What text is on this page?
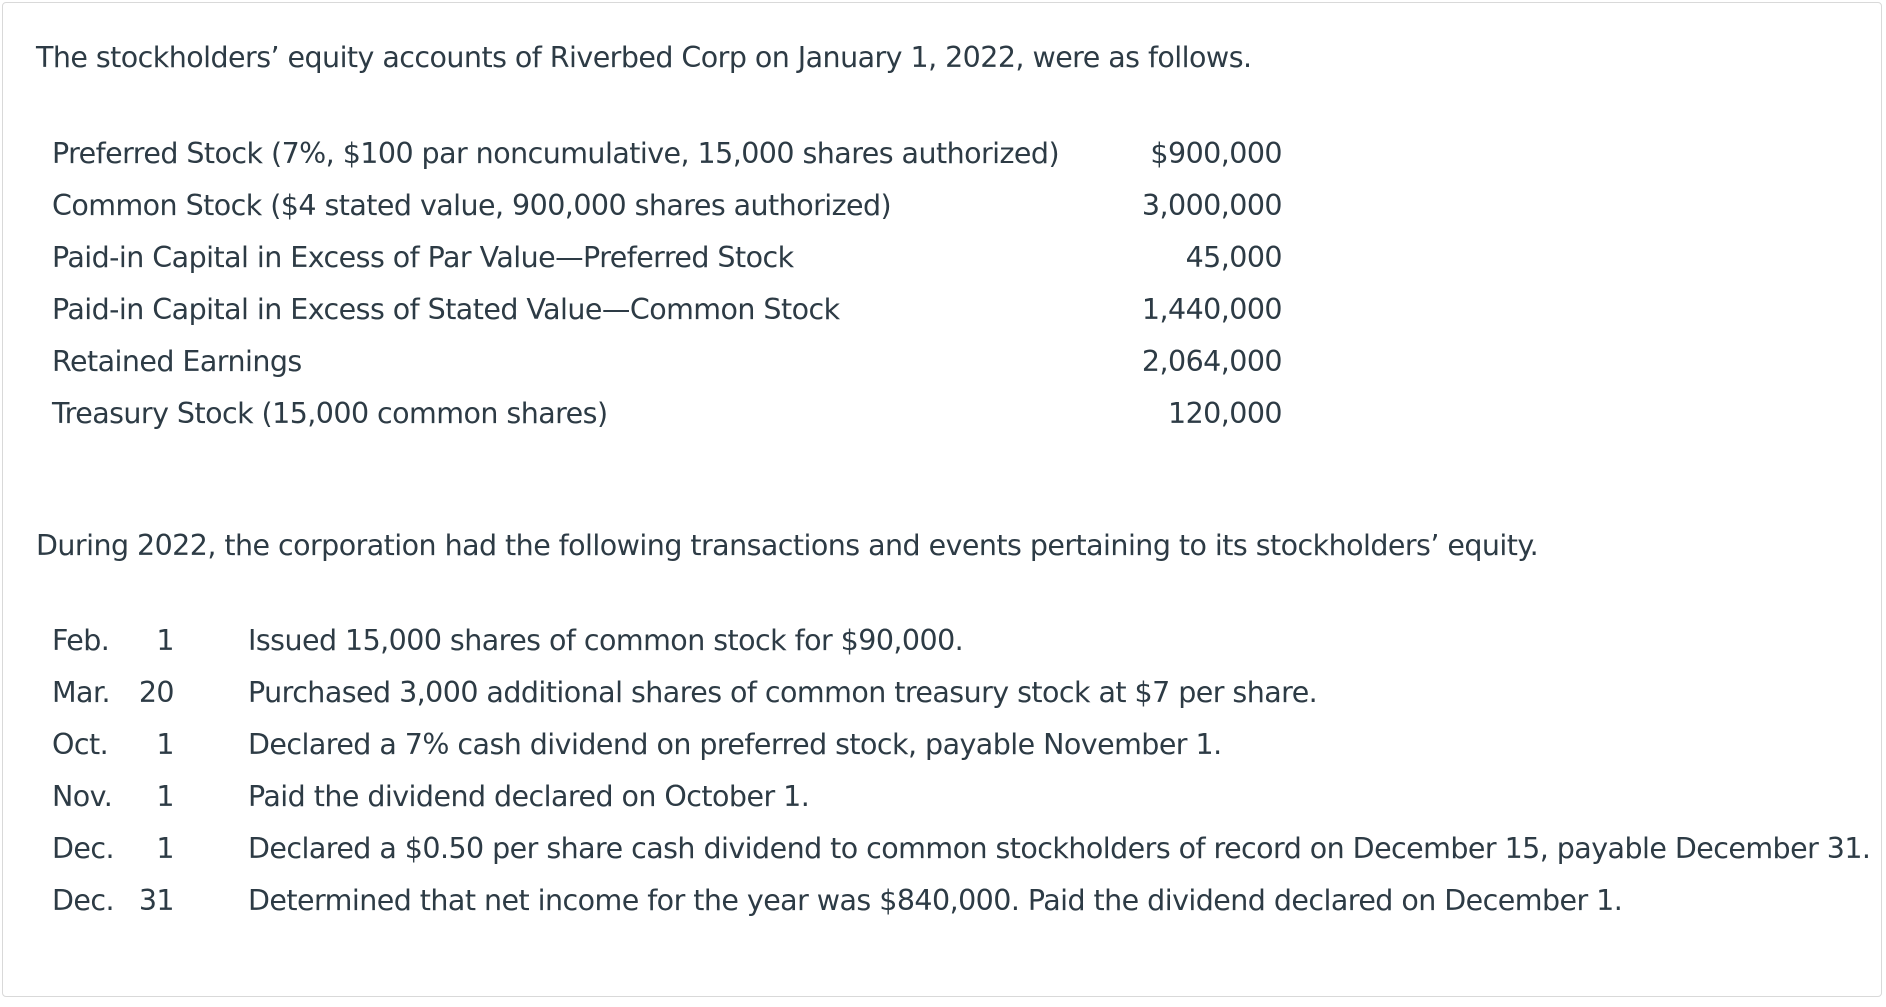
The stockholders’ equity accounts of Riverbed Corp on January 1, 2022, were as follows.

Preferred Stock (7%, $100 par noncumulative, 15,000 shares authorized)	$900,000
Common Stock ($4 stated value, 900,000 shares authorized)	3,000,000
Paid-in Capital in Excess of Par Value—Preferred Stock	45,000
Paid-in Capital in Excess of Stated Value—Common Stock	1,440,000
Retained Earnings	2,064,000
Treasury Stock (15,000 common shares)	120,000

During 2022, the corporation had the following transactions and events pertaining to its stockholders’ equity.

Feb.	1		Issued 15,000 shares of common stock for $90,000.
Mar.	20		Purchased 3,000 additional shares of common treasury stock at $7 per share.
Oct.	1		Declared a 7% cash dividend on preferred stock, payable November 1.
Nov.	1		Paid the dividend declared on October 1.
Dec.	1		Declared a $0.50 per share cash dividend to common stockholders of record on December 15, payable December 31.
Dec.	31		Determined that net income for the year was $840,000. Paid the dividend declared on December 1.
